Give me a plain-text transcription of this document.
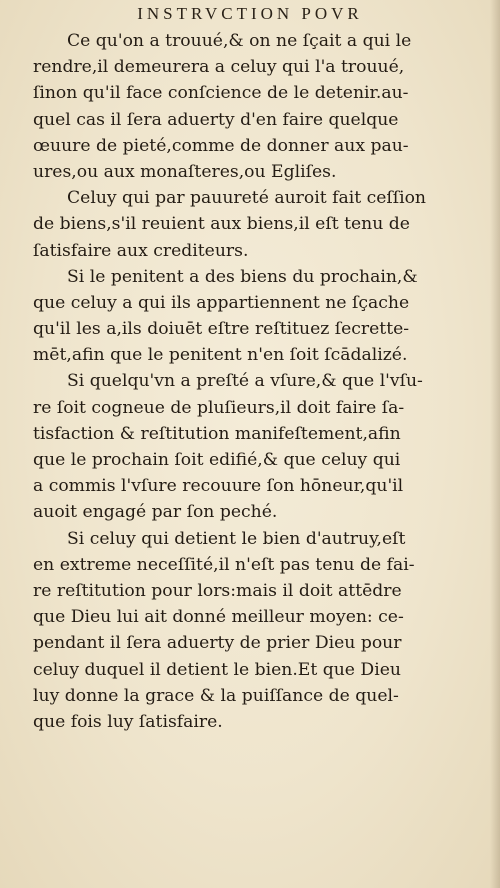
INSTRVCTION POVR
Ce qu'on a trouué,& on ne ſçait a qui le
rendre,il demeurera a celuy qui l'a trouué,
ſinon qu'il face conſcience de le detenir.au-
quel cas il ſera aduerty d'en faire quelque
œuure de pieté,comme de donner aux pau-
ures,ou aux monaſteres,ou Egliſes.
Celuy qui par pauureté auroit fait ceſſion
de biens,s'il reuient aux biens,il eſt tenu de
ſatisfaire aux crediteurs.
Si le penitent a des biens du prochain,&
que celuy a qui ils appartiennent ne ſçache
qu'il les a,ils doiuēt eſtre reſtituez ſecrette-
mēt,afin que le penitent n'en ſoit ſcādalizé.
Si quelqu'vn a preſté a vſure,& que l'vſu-
re ſoit cogneue de pluſieurs,il doit faire ſa-
tisfaction & reſtitution manifeſtement,afin
que le prochain ſoit edifié,& que celuy qui
a commis l'vſure recouure ſon hōneur,qu'il
auoit engagé par ſon peché.
Si celuy qui detient le bien d'autruy,eſt
en extreme neceſſité,il n'eſt pas tenu de fai-
re reſtitution pour lors:mais il doit attēdre
que Dieu lui ait donné meilleur moyen: ce-
pendant il ſera aduerty de prier Dieu pour
celuy duquel il detient le bien.Et que Dieu
luy donne la grace & la puiſſance de quel-
que fois luy ſatisfaire.
